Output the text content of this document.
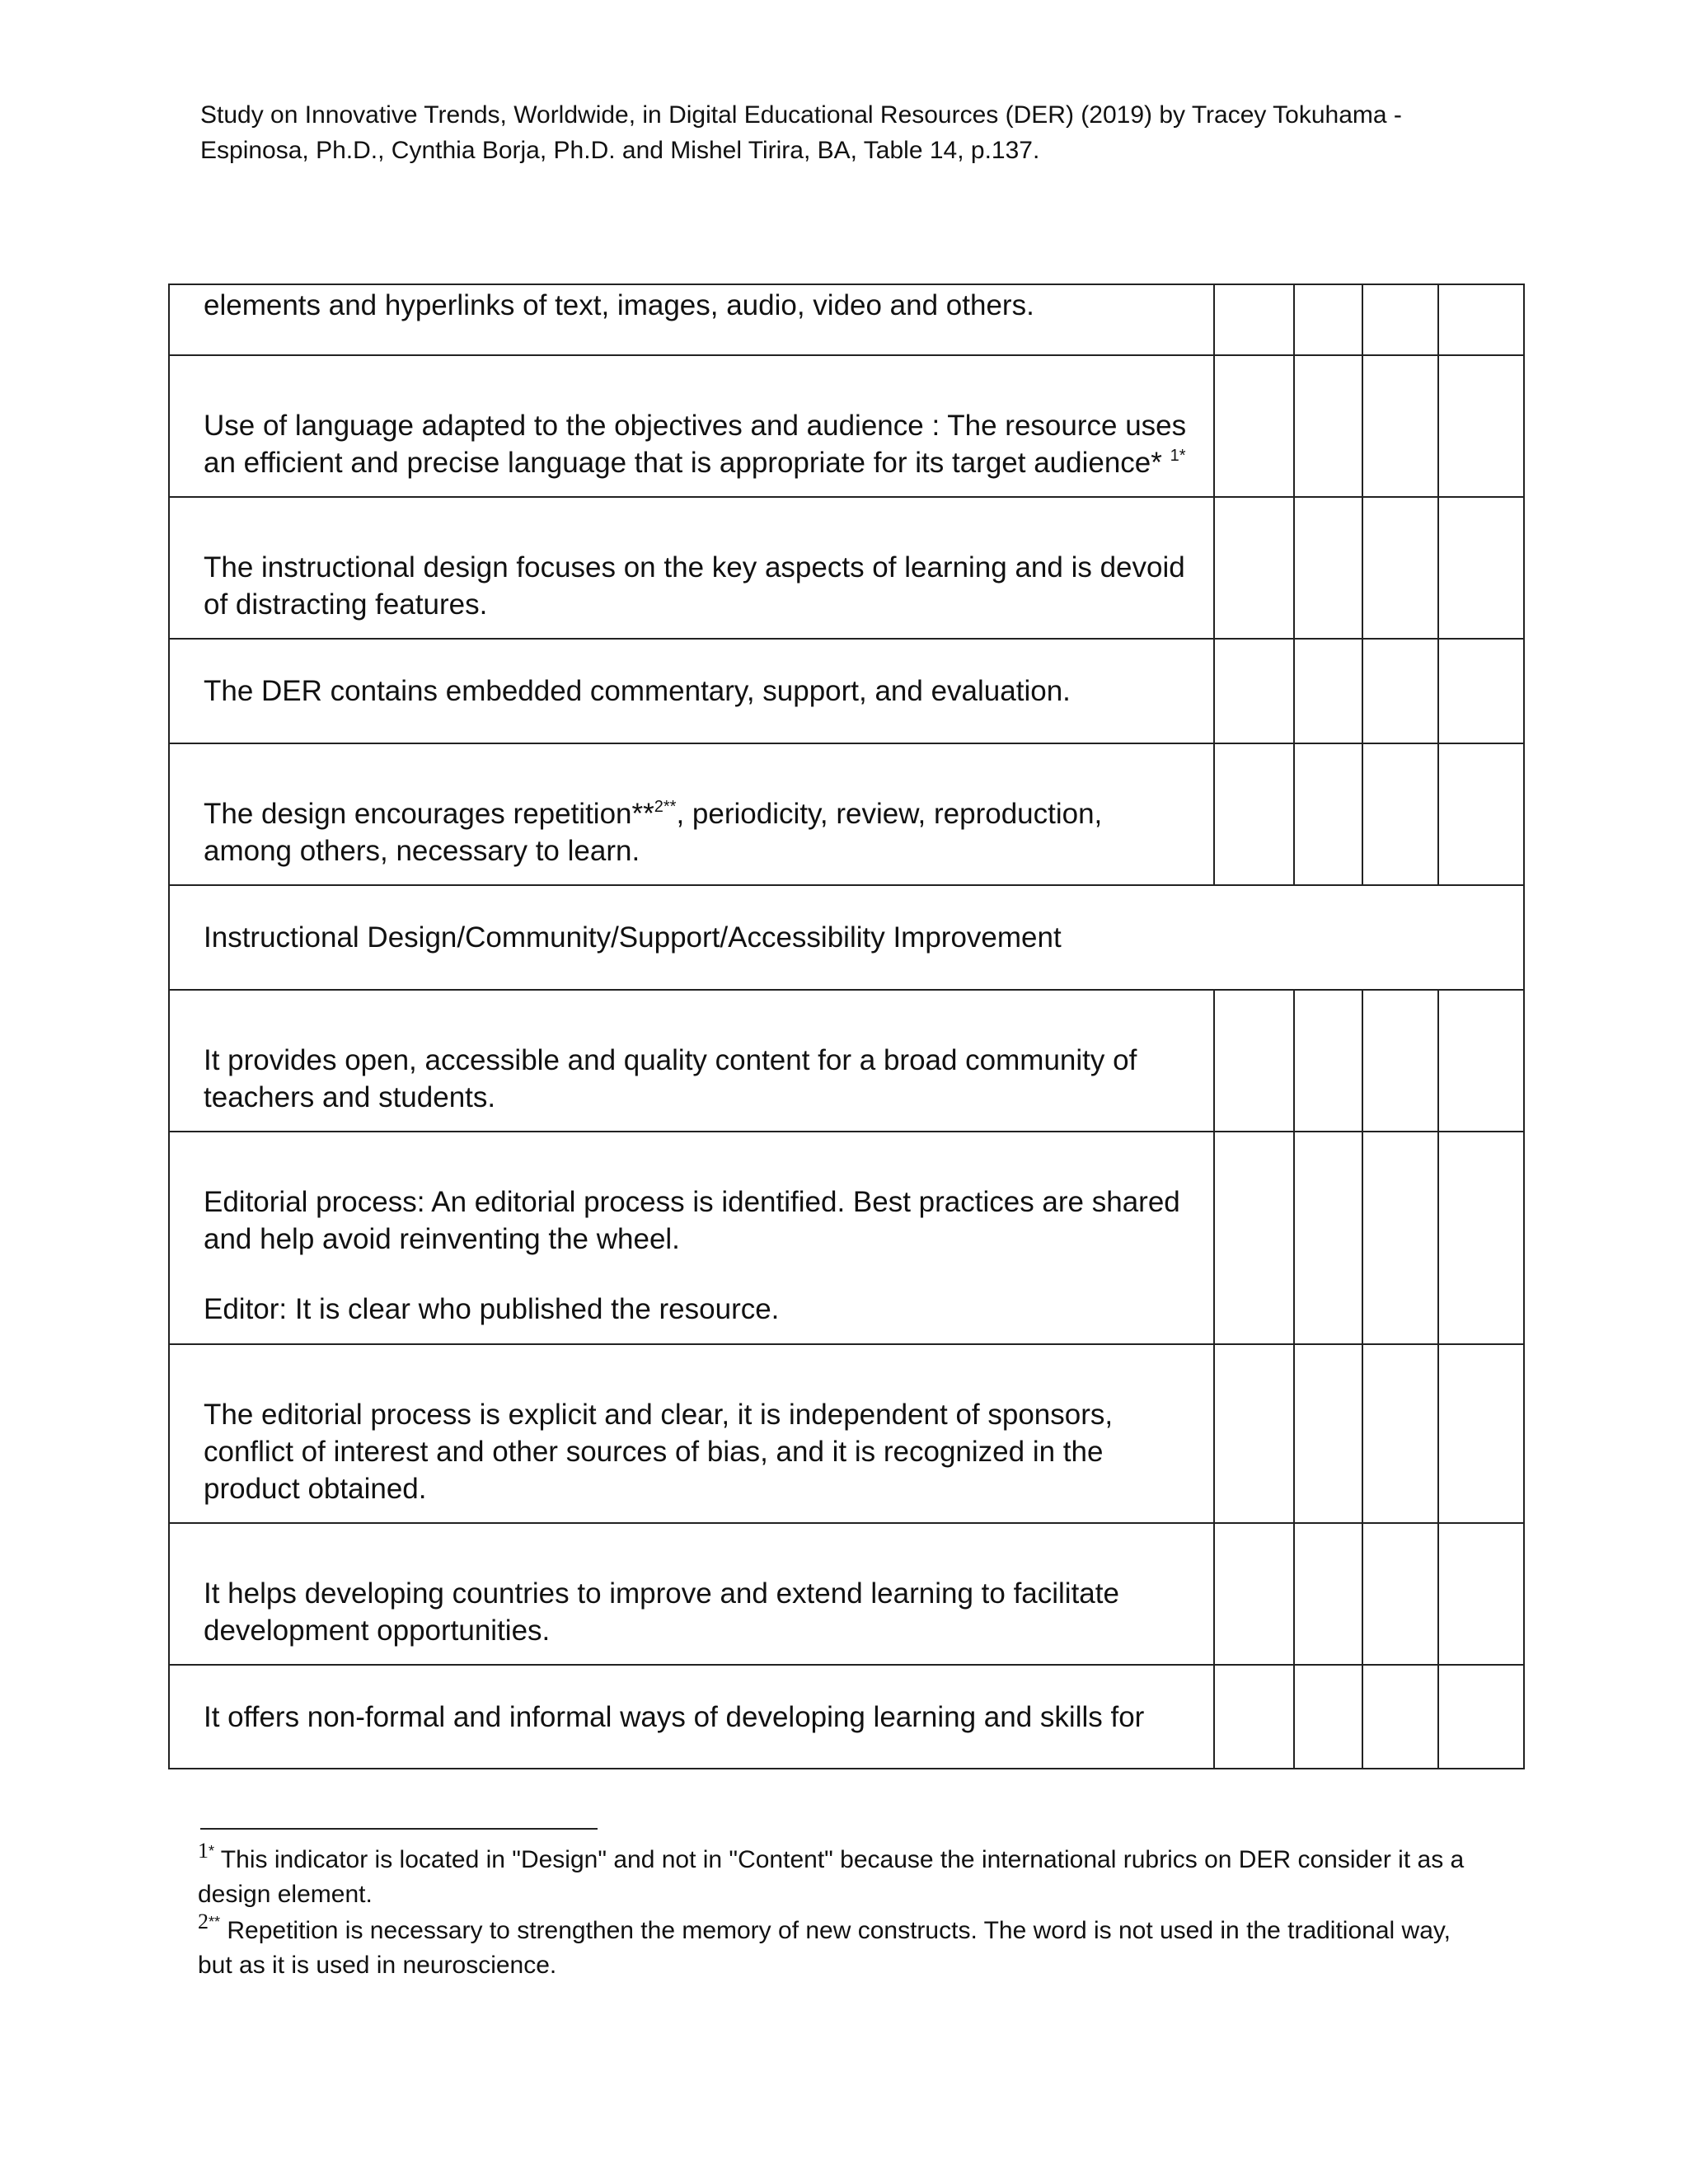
Study on Innovative Trends, Worldwide, in Digital Educational Resources (DER) (2019) by Tracey Tokuhama - Espinosa, Ph.D., Cynthia Borja, Ph.D. and Mishel Tirira, BA, Table 14, p.137.
elements and hyperlinks of text, images, audio, video and others.				

Use of language adapted to the objectives and audience : The resource uses an efficient and precise language that is appropriate for its target audience* $^{1*}$

The instructional design focuses on the key aspects of learning and is devoid of distracting features.				

The DER contains embedded commentary, support, and evaluation.				

The design encourages repetition**$^{2**}$, periodicity, review, reproduction, among others, necessary to learn.				

Instructional Design/Community/Support/Accessibility Improvement				

It provides open, accessible and quality content for a broad community of teachers and students.				

Editorial process: An editorial process is identified. Best practices are shared and help avoid reinventing the wheel.
Editor: It is clear who published the resource.				

The editorial process is explicit and clear, it is independent of sponsors, conflict of interest and other sources of bias, and it is recognized in the product obtained.				

It helps developing countries to improve and extend learning to facilitate development opportunities.				

It offers non-formal and informal ways of developing learning and skills for				

1* This indicator is located in "Design" and not in "Content" because the international rubrics on DER consider it as a design element.
2** Repetition is necessary to strengthen the memory of new constructs. The word is not used in the traditional way, but as it is used in neuroscience.
